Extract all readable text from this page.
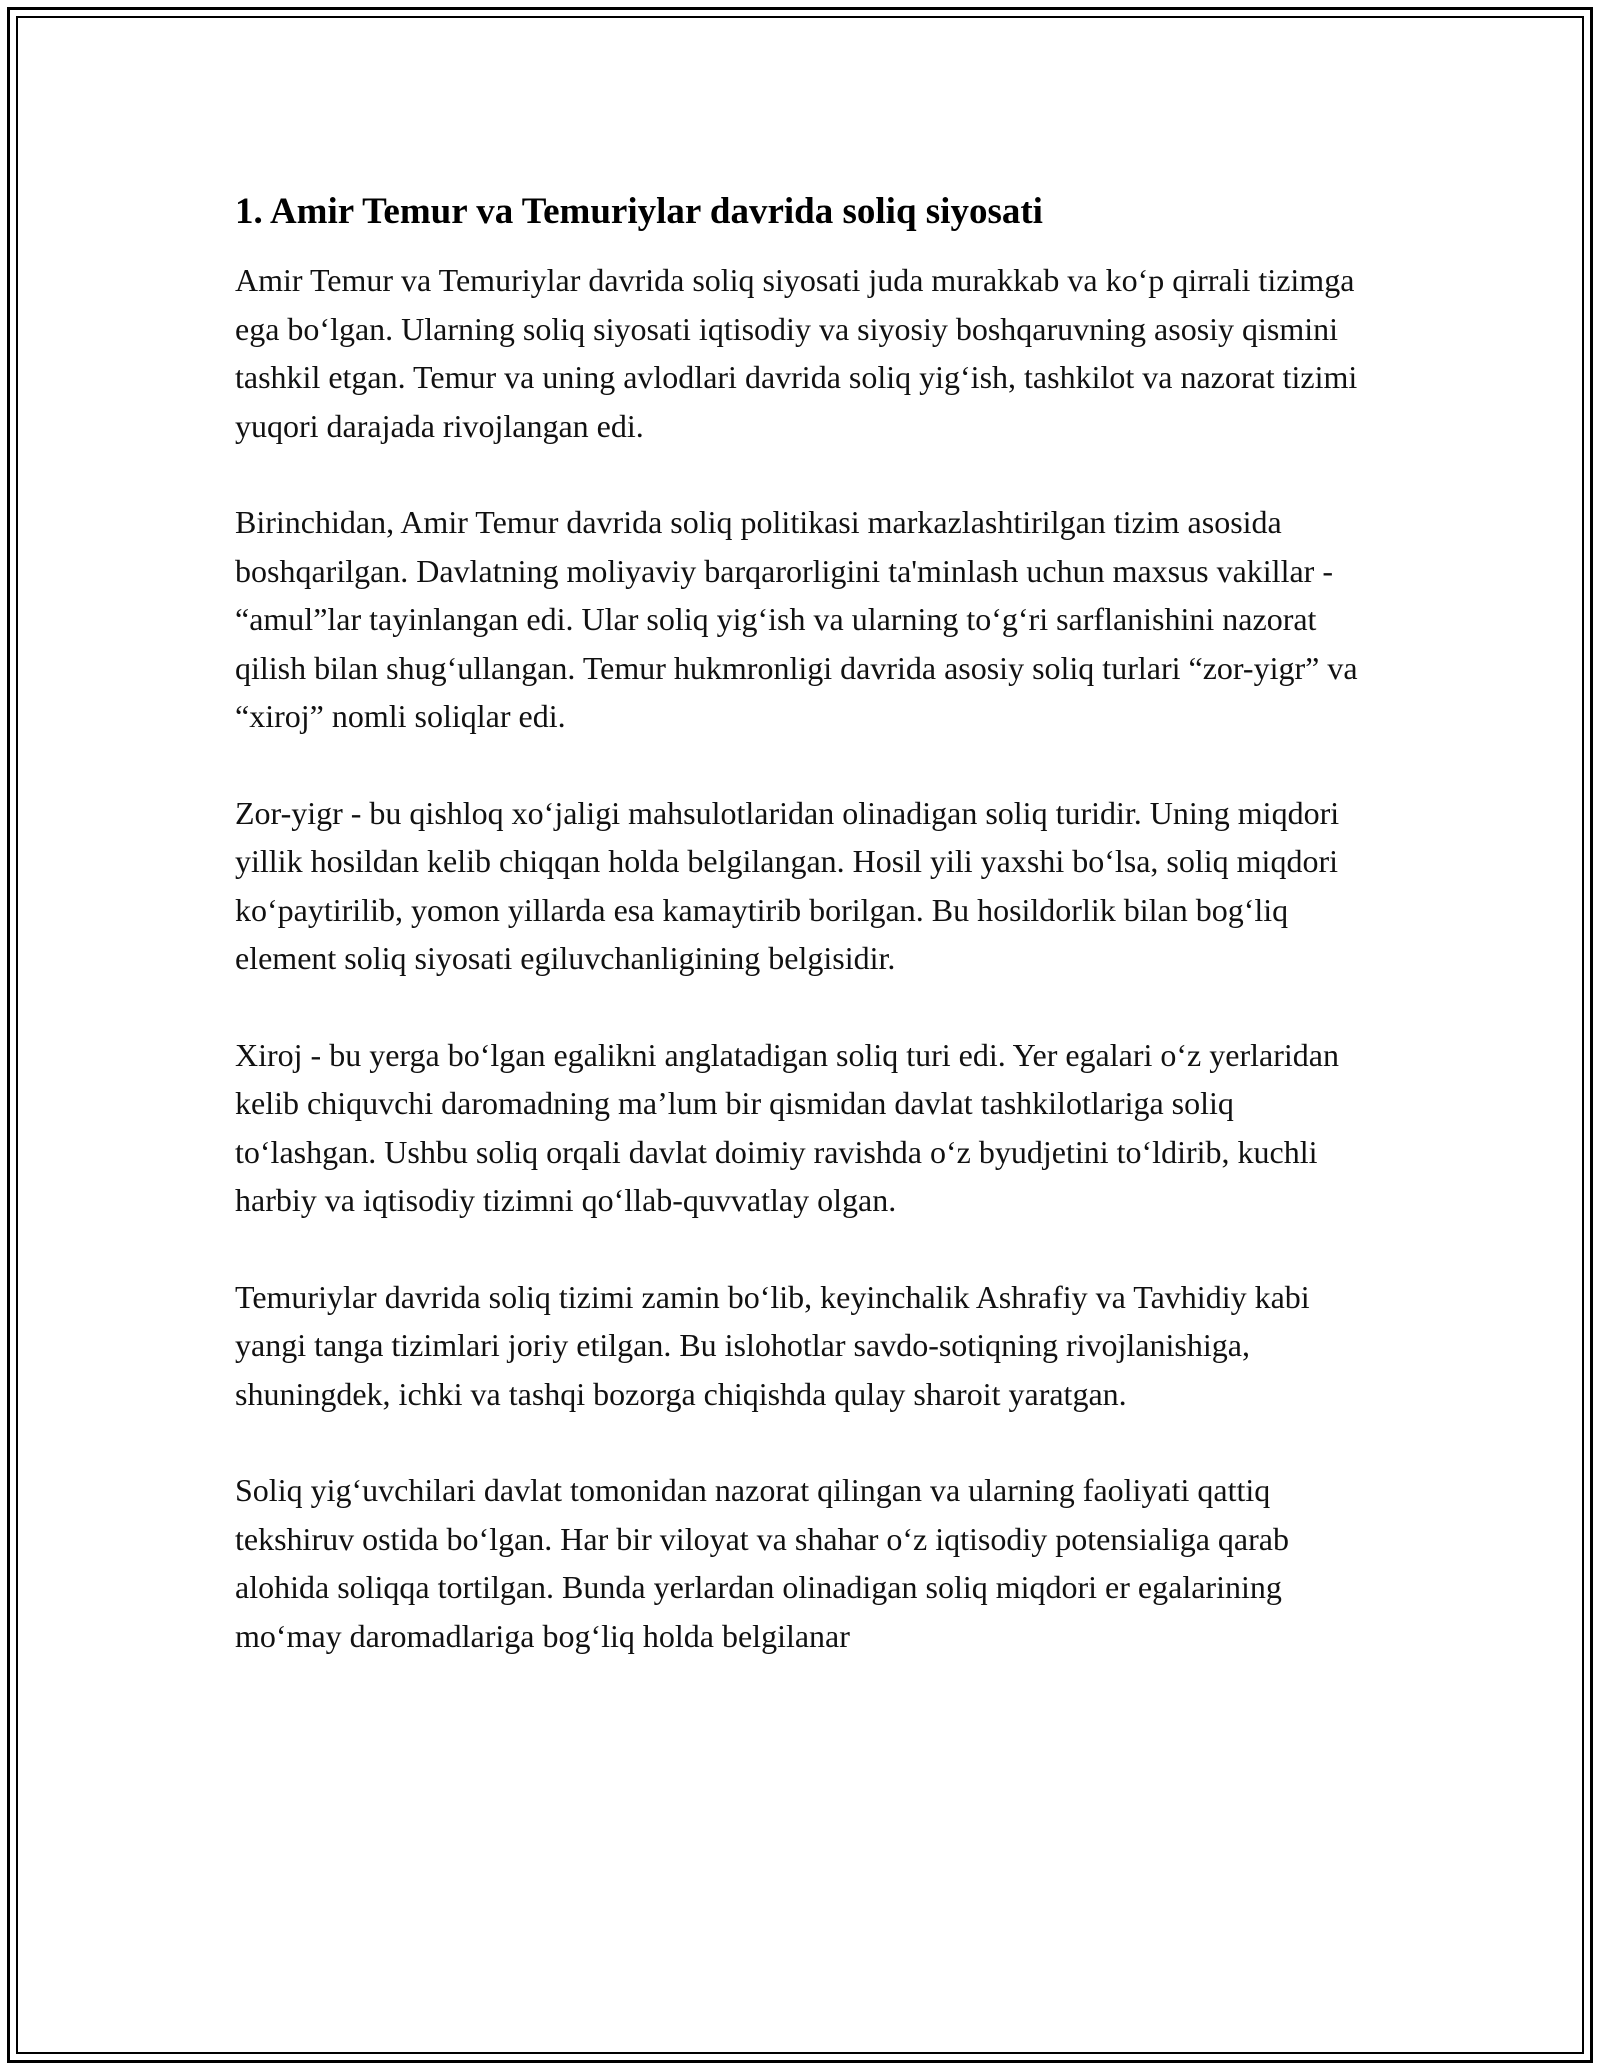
1. Amir Temur va Temuriylar davrida soliq siyosati

Amir Temur va Temuriylar davrida soliq siyosati juda murakkab va ko‘p qirrali tizimga ega bo‘lgan. Ularning soliq siyosati iqtisodiy va siyosiy boshqaruvning asosiy qismini tashkil etgan. Temur va uning avlodlari davrida soliq yig‘ish, tashkilot va nazorat tizimi yuqori darajada rivojlangan edi.

Birinchidan, Amir Temur davrida soliq politikasi markazlashtirilgan tizim asosida boshqarilgan. Davlatning moliyaviy barqarorligini ta'minlash uchun maxsus vakillar - “amul”lar tayinlangan edi. Ular soliq yig‘ish va ularning to‘g‘ri sarflanishini nazorat qilish bilan shug‘ullangan. Temur hukmronligi davrida asosiy soliq turlari “zor-yigr” va “xiroj” nomli soliqlar edi.

Zor-yigr - bu qishloq xo‘jaligi mahsulotlaridan olinadigan soliq turidir. Uning miqdori yillik hosildan kelib chiqqan holda belgilangan. Hosil yili yaxshi bo‘lsa, soliq miqdori ko‘paytirilib, yomon yillarda esa kamaytirib borilgan. Bu hosildorlik bilan bog‘liq element soliq siyosati egiluvchanligining belgisidir.

Xiroj - bu yerga bo‘lgan egalikni anglatadigan soliq turi edi. Yer egalari o‘z yerlaridan kelib chiquvchi daromadning ma’lum bir qismidan davlat tashkilotlariga soliq to‘lashgan. Ushbu soliq orqali davlat doimiy ravishda o‘z byudjetini to‘ldirib, kuchli harbiy va iqtisodiy tizimni qo‘llab-quvvatlay olgan.

Temuriylar davrida soliq tizimi zamin bo‘lib, keyinchalik Ashrafiy va Tavhidiy kabi yangi tanga tizimlari joriy etilgan. Bu islohotlar savdo-sotiqning rivojlanishiga, shuningdek, ichki va tashqi bozorga chiqishda qulay sharoit yaratgan.

Soliq yig‘uvchilari davlat tomonidan nazorat qilingan va ularning faoliyati qattiq tekshiruv ostida bo‘lgan. Har bir viloyat va shahar o‘z iqtisodiy potensialiga qarab alohida soliqqa tortilgan. Bunda yerlardan olinadigan soliq miqdori er egalarining mo‘may daromadlariga bog‘liq holda belgilanar
